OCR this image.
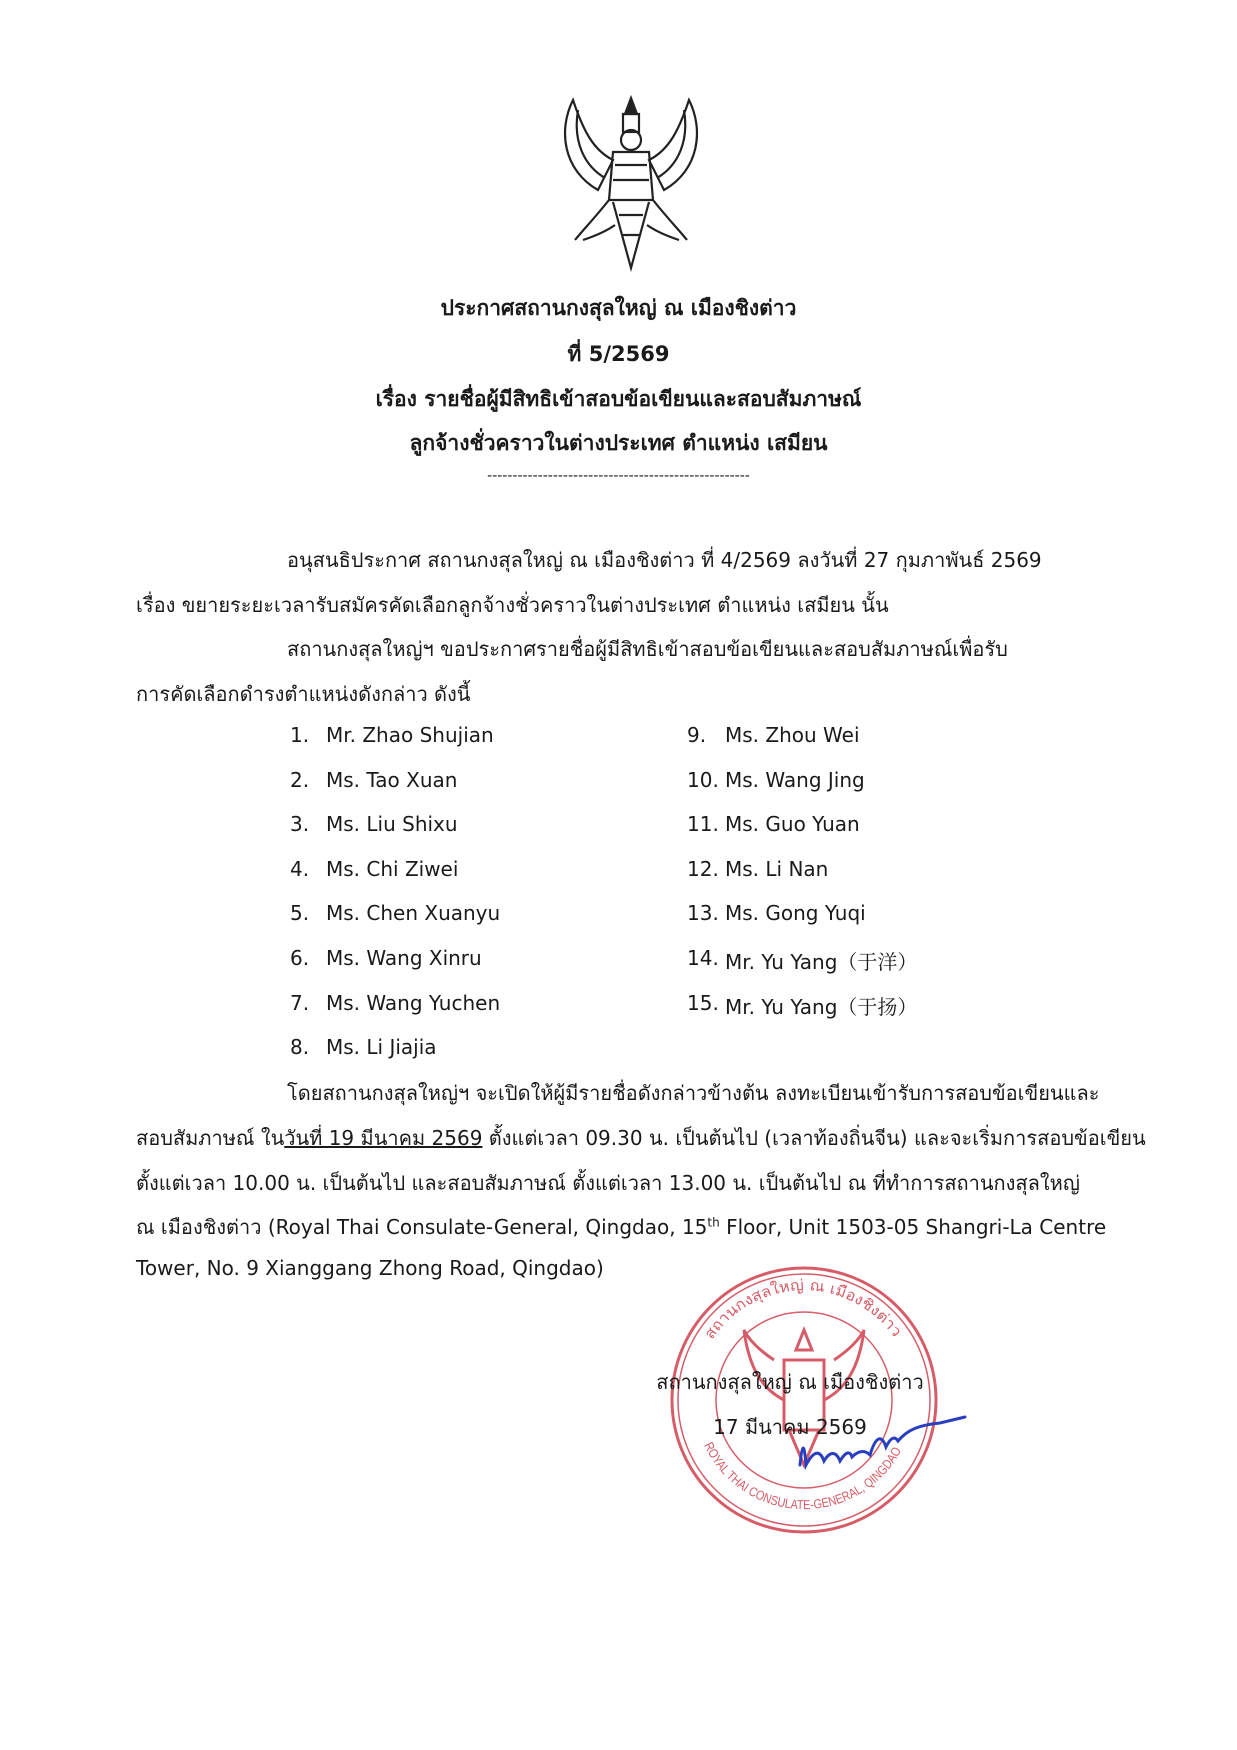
ประกาศสถานกงสุลใหญ่ ณ เมืองชิงต่าว
ที่ 5/2569
เรื่อง รายชื่อผู้มีสิทธิเข้าสอบข้อเขียนและสอบสัมภาษณ์
ลูกจ้างชั่วคราวในต่างประเทศ ตำแหน่ง เสมียน
----------------------------------------------------
อนุสนธิประกาศ สถานกงสุลใหญ่ ณ เมืองชิงต่าว ที่ 4/2569 ลงวันที่ 27 กุมภาพันธ์ 2569
เรื่อง ขยายระยะเวลารับสมัครคัดเลือกลูกจ้างชั่วคราวในต่างประเทศ ตำแหน่ง เสมียน นั้น
สถานกงสุลใหญ่ฯ ขอประกาศรายชื่อผู้มีสิทธิเข้าสอบข้อเขียนและสอบสัมภาษณ์เพื่อรับ
การคัดเลือกดำรงตำแหน่งดังกล่าว ดังนี้
1. Mr. Zhao Shujian
2. Ms. Tao Xuan
3. Ms. Liu Shixu
4. Ms. Chi Ziwei
5. Ms. Chen Xuanyu
6. Ms. Wang Xinru
7. Ms. Wang Yuchen
8. Ms. Li Jiajia
9. Ms. Zhou Wei
10. Ms. Wang Jing
11. Ms. Guo Yuan
12. Ms. Li Nan
13. Ms. Gong Yuqi
14. Mr. Yu Yang（于洋）
15. Mr. Yu Yang（于扬）
โดยสถานกงสุลใหญ่ฯ จะเปิดให้ผู้มีรายชื่อดังกล่าวข้างต้น ลงทะเบียนเข้ารับการสอบข้อเขียนและ
สอบสัมภาษณ์ ในวันที่ 19 มีนาคม 2569 ตั้งแต่เวลา 09.30 น. เป็นต้นไป (เวลาท้องถิ่นจีน) และจะเริ่มการสอบข้อเขียน
ตั้งแต่เวลา 10.00 น. เป็นต้นไป และสอบสัมภาษณ์ ตั้งแต่เวลา 13.00 น. เป็นต้นไป ณ ที่ทำการสถานกงสุลใหญ่
ณ เมืองชิงต่าว (Royal Thai Consulate-General, Qingdao, 15th Floor, Unit 1503-05 Shangri-La Centre
Tower, No. 9 Xianggang Zhong Road, Qingdao)
สถานกงสุลใหญ่ ณ เมืองชิงต่าว
ROYAL THAI CONSULATE-GENERAL, QINGDAO
สถานกงสุลใหญ่ ณ เมืองชิงต่าว
17 มีนาคม 2569
